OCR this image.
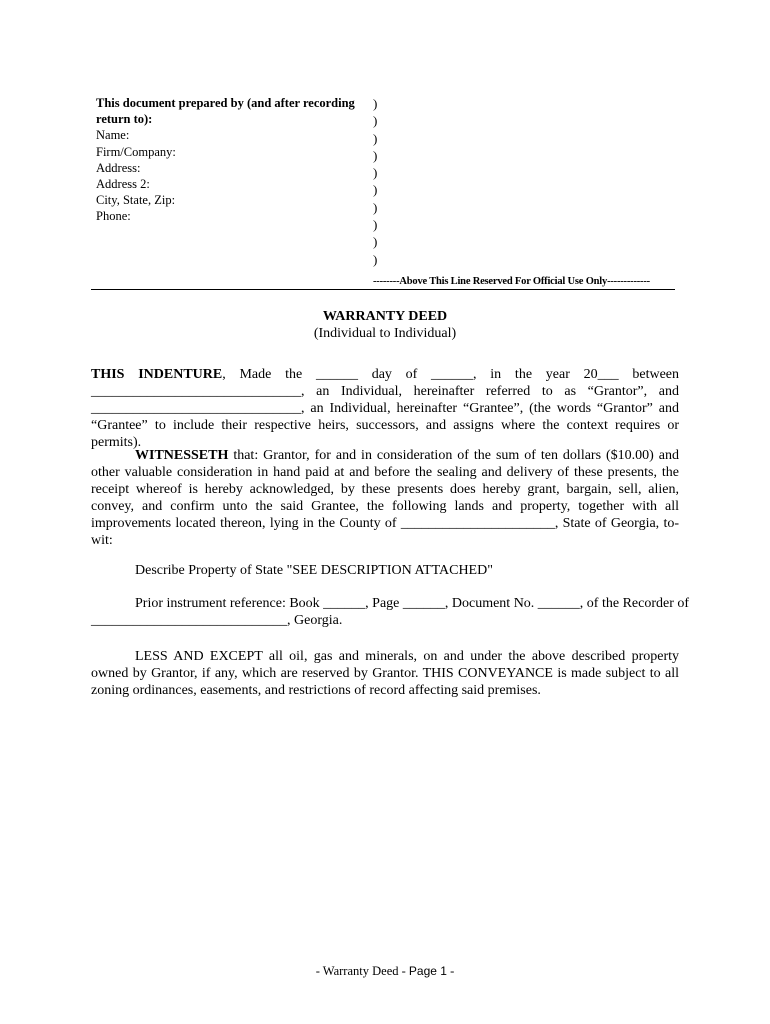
This document prepared by (and after recording
return to):
Name:
Firm/Company:
Address:
Address 2:
City, State, Zip:
Phone:
)
)
)
)
)
)
)
)
)
)
--------Above This Line Reserved For Official Use Only-------------
WARRANTY DEED
(Individual to Individual)
THIS INDENTURE, Made the ______ day of ______, in the year 20___ between ______________________________, an Individual, hereinafter referred to as “Grantor”, and ______________________________, an Individual, hereinafter “Grantee”, (the words “Grantor” and “Grantee” to include their respective heirs, successors, and assigns where the context requires or permits).
WITNESSETH that: Grantor, for and in consideration of the sum of ten dollars ($10.00) and other valuable consideration in hand paid at and before the sealing and delivery of these presents, the receipt whereof is hereby acknowledged, by these presents does hereby grant, bargain, sell, alien, convey, and confirm unto the said Grantee, the following lands and property, together with all improvements located thereon, lying in the County of ______________________, State of Georgia, to-wit:
Describe Property of State "SEE DESCRIPTION ATTACHED"
Prior instrument reference: Book ______, Page ______, Document No. ______, of the Recorder of
____________________________, Georgia.
LESS AND EXCEPT all oil, gas and minerals, on and under the above described property owned by Grantor, if any, which are reserved by Grantor. THIS CONVEYANCE is made subject to all zoning ordinances, easements, and restrictions of record affecting said premises.
- Warranty Deed - Page 1 -
